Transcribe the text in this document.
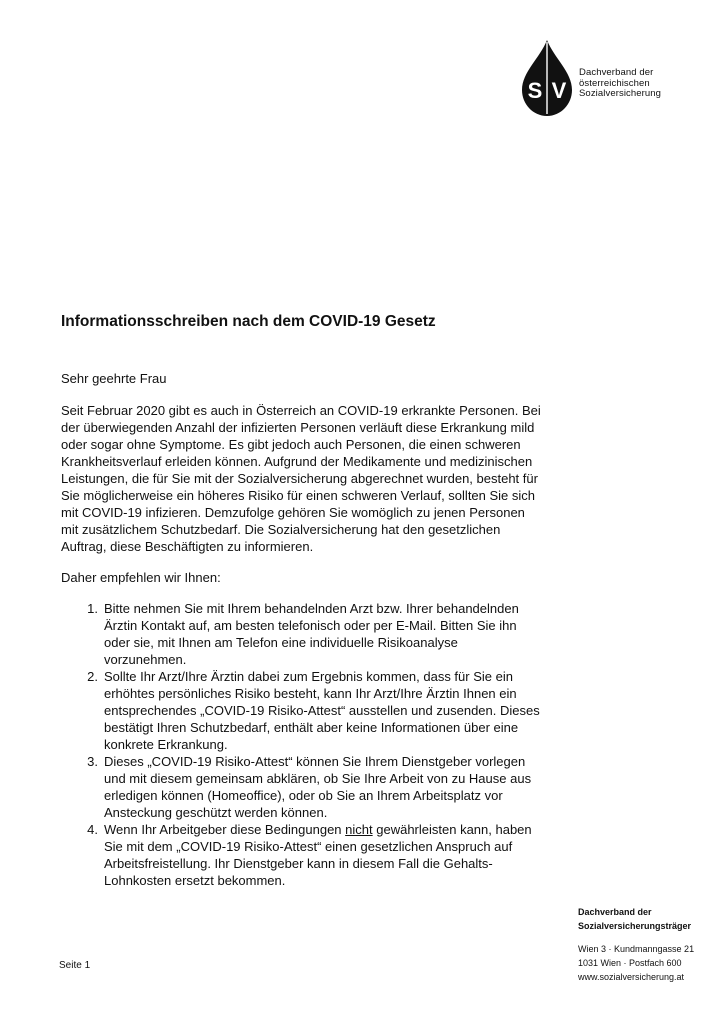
S V
Dachverband der
österreichischen
Sozialversicherung
Informationsschreiben nach dem COVID-19 Gesetz
Sehr geehrte Frau
Seit Februar 2020 gibt es auch in Österreich an COVID-19 erkrankte Personen. Bei
der überwiegenden Anzahl der infizierten Personen verläuft diese Erkrankung mild
oder sogar ohne Symptome. Es gibt jedoch auch Personen, die einen schweren
Krankheitsverlauf erleiden können. Aufgrund der Medikamente und medizinischen
Leistungen, die für Sie mit der Sozialversicherung abgerechnet wurden, besteht für
Sie möglicherweise ein höheres Risiko für einen schweren Verlauf, sollten Sie sich
mit COVID-19 infizieren. Demzufolge gehören Sie womöglich zu jenen Personen
mit zusätzlichem Schutzbedarf. Die Sozialversicherung hat den gesetzlichen
Auftrag, diese Beschäftigten zu informieren.
Daher empfehlen wir Ihnen:
1. Bitte nehmen Sie mit Ihrem behandelnden Arzt bzw. Ihrer behandelnden
Ärztin Kontakt auf, am besten telefonisch oder per E-Mail. Bitten Sie ihn
oder sie, mit Ihnen am Telefon eine individuelle Risikoanalyse
vorzunehmen.
2. Sollte Ihr Arzt/Ihre Ärztin dabei zum Ergebnis kommen, dass für Sie ein
erhöhtes persönliches Risiko besteht, kann Ihr Arzt/Ihre Ärztin Ihnen ein
entsprechendes „COVID-19 Risiko-Attest“ ausstellen und zusenden. Dieses
bestätigt Ihren Schutzbedarf, enthält aber keine Informationen über eine
konkrete Erkrankung.
3. Dieses „COVID-19 Risiko-Attest“ können Sie Ihrem Dienstgeber vorlegen
und mit diesem gemeinsam abklären, ob Sie Ihre Arbeit von zu Hause aus
erledigen können (Homeoffice), oder ob Sie an Ihrem Arbeitsplatz vor
Ansteckung geschützt werden können.
4. Wenn Ihr Arbeitgeber diese Bedingungen nicht gewährleisten kann, haben
Sie mit dem „COVID-19 Risiko-Attest“ einen gesetzlichen Anspruch auf
Arbeitsfreistellung. Ihr Dienstgeber kann in diesem Fall die Gehalts-
Lohnkosten ersetzt bekommen.
Dachverband der
Sozialversicherungsträger
Wien 3 · Kundmanngasse 21
1031 Wien · Postfach 600
www.sozialversicherung.at
Seite 1
